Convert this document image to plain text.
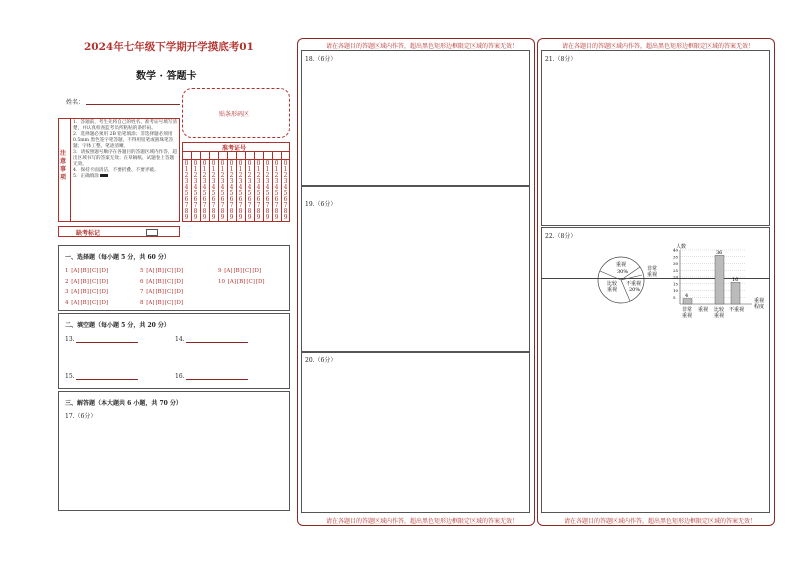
2024年七年级下学期开学摸底考01
数学 · 答题卡
姓名：
贴条形码区
注意事项
1．答题前，考生先将自己的姓名、准考证号填写清楚，并认真检查监考员所粘贴的条形码。
2．选择题必须用 2B 铅笔填涂；非选择题必须用 0.5mm 黑色签字笔答题，不得用铅笔或圆珠笔答题；字体工整、笔迹清晰。
3．请按照题号顺序在各题目的答题区域内作答，超出区域书写的答案无效；在草稿纸、试题卷上答题无效。
4．保持卡面清洁，不要折叠、不要弄破。
5．正确填涂
准考证号
0
1
2
3
4
5
6
7
8
9
0
1
2
3
4
5
6
7
8
9
0
1
2
3
4
5
6
7
8
9
0
1
2
3
4
5
6
7
8
9
0
1
2
3
4
5
6
7
8
9
0
1
2
3
4
5
6
7
8
9
0
1
2
3
4
5
6
7
8
9
0
1
2
3
4
5
6
7
8
9
0
1
2
3
4
5
6
7
8
9
0
1
2
3
4
5
6
7
8
9
0
1
2
3
4
5
6
7
8
9
0
1
2
3
4
5
6
7
8
9
缺考标记
一、选择题（每小题 5 分，共 60 分）
1 [A][B][C][D]
2 [A][B][C][D]
3 [A][B][C][D]
4 [A][B][C][D]
5 [A][B][C][D]
6 [A][B][C][D]
7 [A][B][C][D]
8 [A][B][C][D]
9 [A][B][C][D]
10 [A][B][C][D]
二、填空题（每小题 5 分，共 20 分）
13.	14.
15.	16.
三、解答题（本大题共 6 小题，共 70 分）
17.（6分）
请在各题目的答题区域内作答，超出黑色矩形边框限定区域的答案无效！
请在各题目的答题区域内作答，超出黑色矩形边框限定区域的答案无效！
18.（6分）
19.（6分）
20.（6分）
请在各题目的答题区域内作答，超出黑色矩形边框限定区域的答案无效！
请在各题目的答题区域内作答，超出黑色矩形边框限定区域的答案无效！
21.（8分）
22.（8分）
重视
30%
比较
重视
不重视
20%
非常
重视
人数
40
35
30
25
20
15
10
5 4
36
16
非常
重视
重视 比较
重视
不重视
重视
程度
